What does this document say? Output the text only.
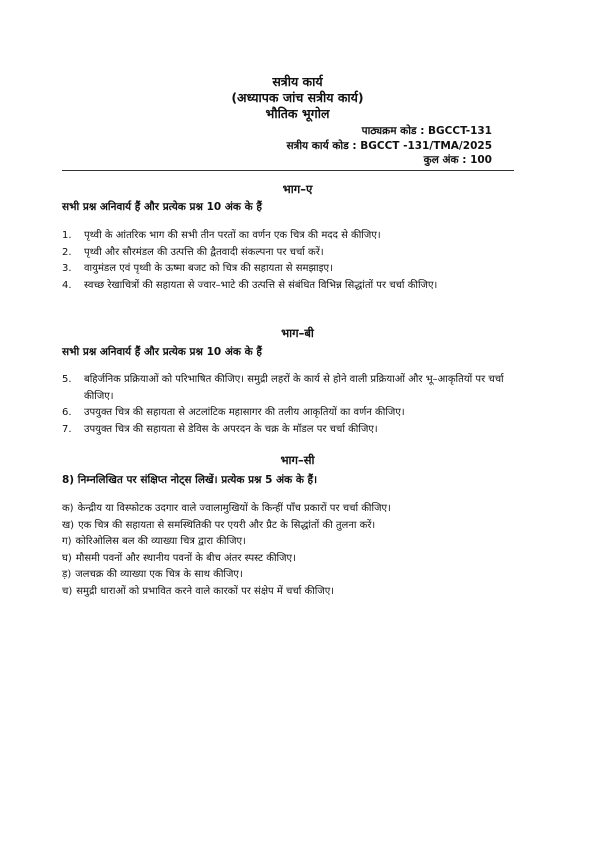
सत्रीय कार्य
(अध्यापक जांच सत्रीय कार्य)
भौतिक भूगोल
पाठ्यक्रम कोड : BGCCT-131
सत्रीय कार्य कोड : BGCCT -131/TMA/2025
कुल अंक : 100
भाग–ए
सभी प्रश्न अनिवार्य हैं और प्रत्येक प्रश्न 10 अंक के हैं
1.	पृथ्वी के आंतरिक भाग की सभी तीन परतों का वर्णन एक चित्र की मदद से कीजिए।
2.	पृथ्वी और सौरमंडल की उत्पत्ति की द्वैतवादी संकल्पना पर चर्चा करें।
3.	वायुमंडल एवं पृथ्वी के ऊष्मा बजट को चित्र की सहायता से समझाइए।
4.	स्वच्छ रेखाचित्रों की सहायता से ज्वार–भाटे की उत्पत्ति से संबंधित विभिन्न सिद्धांतों पर चर्चा कीजिए।
भाग–बी
सभी प्रश्न अनिवार्य हैं और प्रत्येक प्रश्न 10 अंक के हैं
5.	बहिर्जनिक प्रक्रियाओं को परिभाषित कीजिए। समुद्री लहरों के कार्य से होने वाली प्रक्रियाओं और भू–आकृतियों पर चर्चा कीजिए।
6.	उपयुक्त चित्र की सहायता से अटलांटिक महासागर की तलीय आकृतियों का वर्णन कीजिए।
7.	उपयुक्त चित्र की सहायता से डेविस के अपरदन के चक्र के मॉडल पर चर्चा कीजिए।
भाग–सी
8) निम्नलिखित पर संक्षिप्त नोट्स लिखें। प्रत्येक प्रश्न 5 अंक के हैं।
क) केन्द्रीय या विस्फोटक उदगार वाले ज्वालामुखियों के किन्हीं पाँच प्रकारों पर चर्चा कीजिए।
ख) एक चित्र की सहायता से समस्थितिकी पर एयरी और प्रैट के सिद्धांतों की तुलना करें।
ग) कोरिओलिस बल की व्याख्या चित्र द्वारा कीजिए।
घ) मौसमी पवनों और स्थानीय पवनों के बीच अंतर स्पस्ट कीजिए।
ड़) जलचक्र की व्याख्या एक चित्र के साथ कीजिए।
च) समुद्री धाराओं को प्रभावित करने वाले कारकों पर संक्षेप में चर्चा कीजिए।
